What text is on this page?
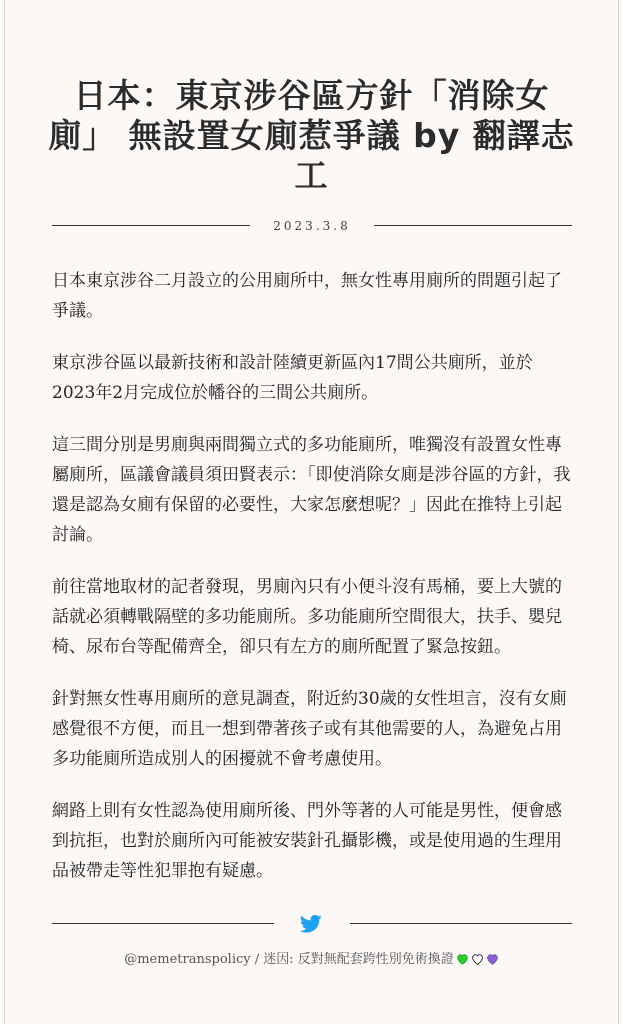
日本：東京涉谷區方針「消除女廁」 無設置女廁惹爭議 by 翻譯志工
2023.3.8

日本東京涉谷二月設立的公用廁所中，無女性專用廁所的問題引起了爭議。

東京涉谷區以最新技術和設計陸續更新區內17間公共廁所，並於2023年2月完成位於幡谷的三間公共廁所。

這三間分別是男廁與兩間獨立式的多功能廁所，唯獨沒有設置女性專屬廁所，區議會議員須田賢表示：「即使消除女廁是涉谷區的方針，我還是認為女廁有保留的必要性，大家怎麼想呢？」因此在推特上引起討論。

前往當地取材的記者發現，男廁內只有小便斗沒有馬桶，要上大號的話就必須轉戰隔壁的多功能廁所。多功能廁所空間很大，扶手、嬰兒椅、尿布台等配備齊全，卻只有左方的廁所配置了緊急按鈕。

針對無女性專用廁所的意見調查，附近約30歲的女性坦言，沒有女廁感覺很不方便，而且一想到帶著孩子或有其他需要的人，為避免占用多功能廁所造成別人的困擾就不會考慮使用。

網路上則有女性認為使用廁所後、門外等著的人可能是男性，便會感到抗拒，也對於廁所內可能被安裝針孔攝影機，或是使用過的生理用品被帶走等性犯罪抱有疑慮。

@memetranspolicy / 迷因: 反對無配套跨性別免術換證
